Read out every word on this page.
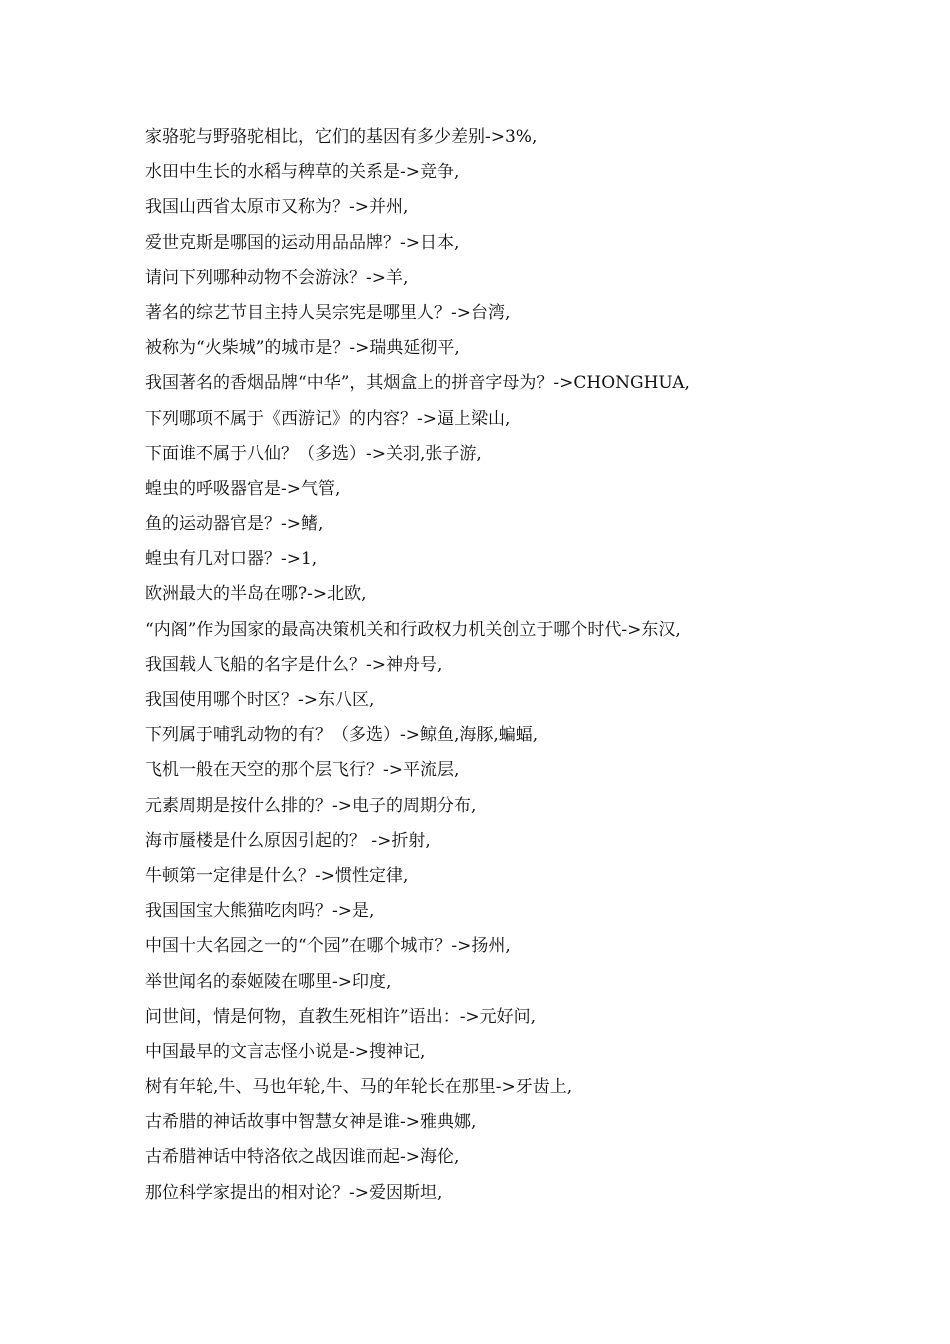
家骆驼与野骆驼相比，它们的基因有多少差别->3%,
水田中生长的水稻与稗草的关系是->竞争,
我国山西省太原市又称为？->并州,
爱世克斯是哪国的运动用品品牌？->日本,
请问下列哪种动物不会游泳？->羊,
著名的综艺节目主持人吴宗宪是哪里人？->台湾,
被称为“火柴城”的城市是？->瑞典延彻平,
我国著名的香烟品牌“中华”，其烟盒上的拼音字母为？->CHONGHUA,
下列哪项不属于《西游记》的内容？->逼上梁山,
下面谁不属于八仙？（多选）->关羽,张子游,
蝗虫的呼吸器官是->气管,
鱼的运动器官是？->鳍,
蝗虫有几对口器？->1,
欧洲最大的半岛在哪?->北欧,
“内阁”作为国家的最高决策机关和行政权力机关创立于哪个时代->东汉,
我国载人飞船的名字是什么？->神舟号,
我国使用哪个时区？->东八区,
下列属于哺乳动物的有？（多选）->鲸鱼,海豚,蝙蝠,
飞机一般在天空的那个层飞行？->平流层,
元素周期是按什么排的？->电子的周期分布,
海市蜃楼是什么原因引起的？ ->折射,
牛顿第一定律是什么？->惯性定律,
我国国宝大熊猫吃肉吗？->是,
中国十大名园之一的“个园”在哪个城市？->扬州,
举世闻名的泰姬陵在哪里->印度,
问世间，情是何物，直教生死相许”语出：->元好问,
中国最早的文言志怪小说是->搜神记,
树有年轮,牛、马也年轮,牛、马的年轮长在那里->牙齿上,
古希腊的神话故事中智慧女神是谁->雅典娜,
古希腊神话中特洛依之战因谁而起->海伦,
那位科学家提出的相对论？->爱因斯坦,
